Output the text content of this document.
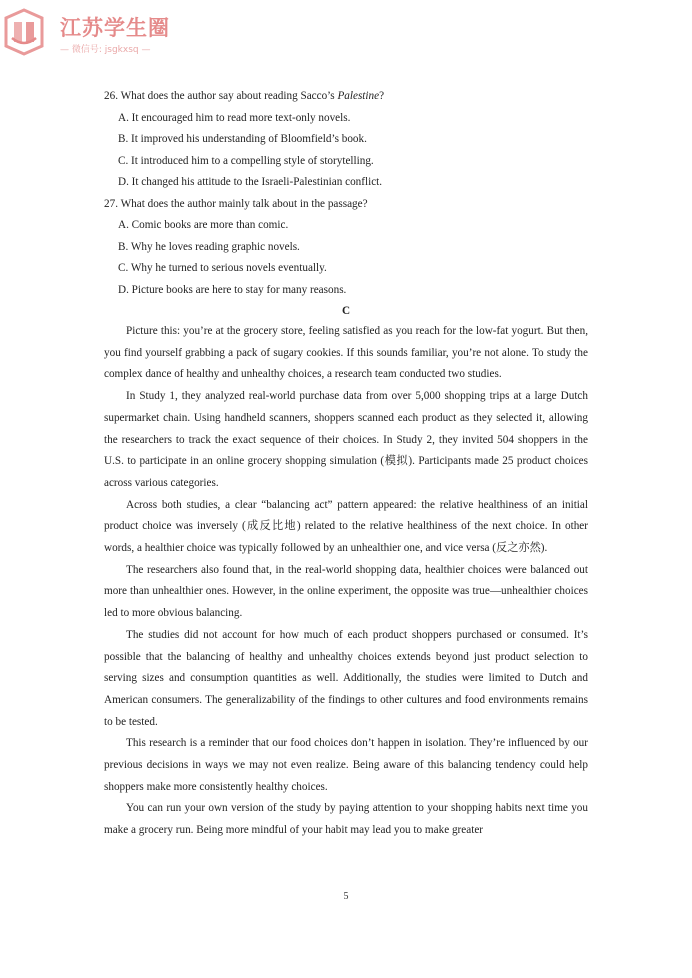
江苏学生圈
— 微信号: jsgkxsq —
26. What does the author say about reading Sacco’s Palestine?
A. It encouraged him to read more text-only novels.
B. It improved his understanding of Bloomfield’s book.
C. It introduced him to a compelling style of storytelling.
D. It changed his attitude to the Israeli-Palestinian conflict.
27. What does the author mainly talk about in the passage?
A. Comic books are more than comic.
B. Why he loves reading graphic novels.
C. Why he turned to serious novels eventually.
D. Picture books are here to stay for many reasons.
C

Picture this: you’re at the grocery store, feeling satisfied as you reach for the low-fat yogurt. But then, you find yourself grabbing a pack of sugary cookies. If this sounds familiar, you’re not alone. To study the complex dance of healthy and unhealthy choices, a research team conducted two studies.

In Study 1, they analyzed real-world purchase data from over 5,000 shopping trips at a large Dutch supermarket chain. Using handheld scanners, shoppers scanned each product as they selected it, allowing the researchers to track the exact sequence of their choices. In Study 2, they invited 504 shoppers in the U.S. to participate in an online grocery shopping simulation (模拟). Participants made 25 product choices across various categories.

Across both studies, a clear “balancing act” pattern appeared: the relative healthiness of an initial product choice was inversely (成反比地) related to the relative healthiness of the next choice. In other words, a healthier choice was typically followed by an unhealthier one, and vice versa (反之亦然).

The researchers also found that, in the real-world shopping data, healthier choices were balanced out more than unhealthier ones. However, in the online experiment, the opposite was true—unhealthier choices led to more obvious balancing.

The studies did not account for how much of each product shoppers purchased or consumed. It’s possible that the balancing of healthy and unhealthy choices extends beyond just product selection to serving sizes and consumption quantities as well. Additionally, the studies were limited to Dutch and American consumers. The generalizability of the findings to other cultures and food environments remains to be tested.

This research is a reminder that our food choices don’t happen in isolation. They’re influenced by our previous decisions in ways we may not even realize. Being aware of this balancing tendency could help shoppers make more consistently healthy choices.

You can run your own version of the study by paying attention to your shopping habits next time you make a grocery run. Being more mindful of your habit may lead you to make greater

5
